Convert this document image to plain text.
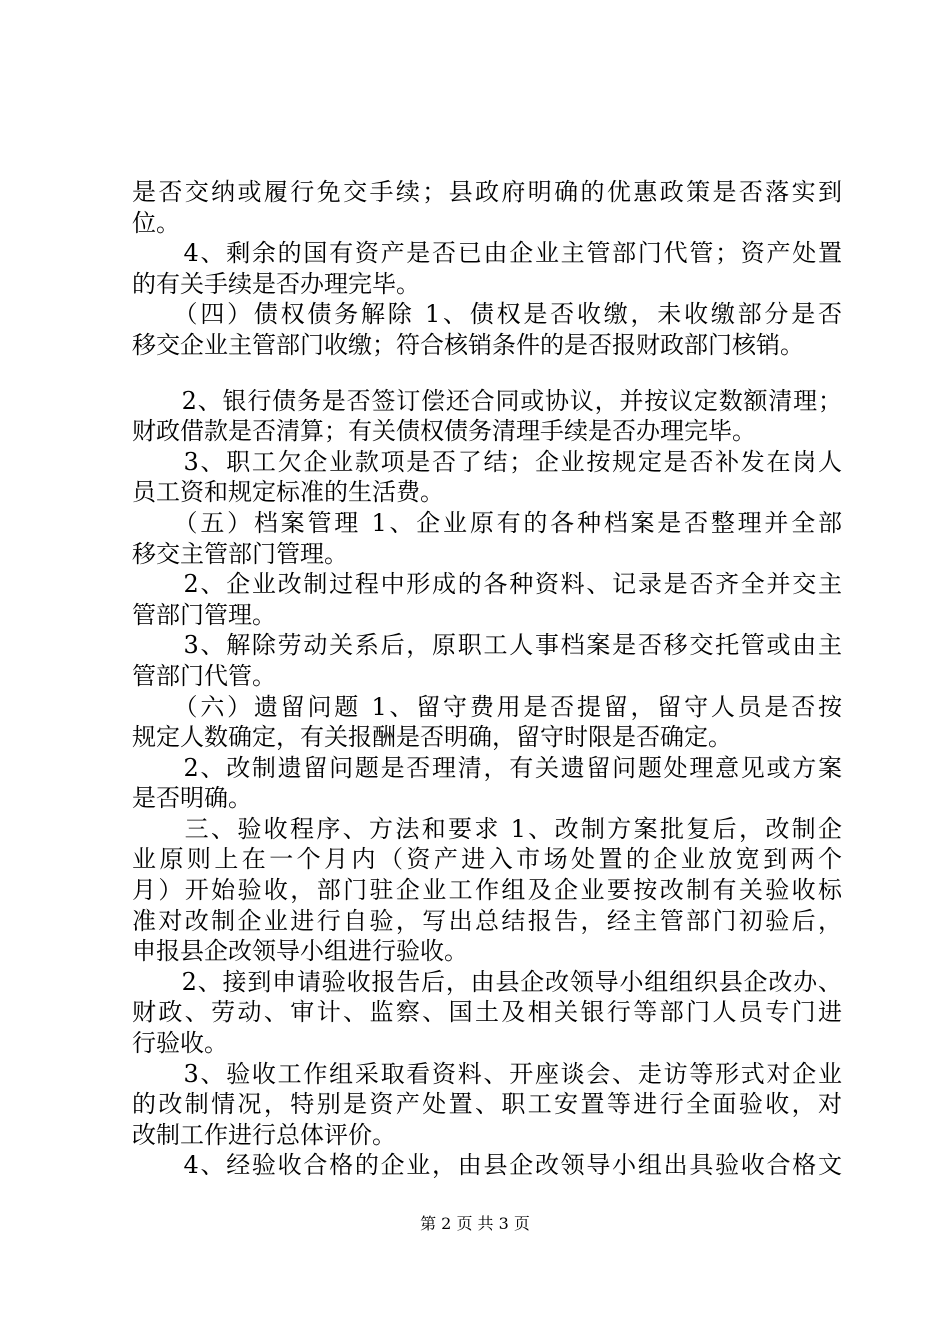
是否交纳或履行免交手续；县政府明确的优惠政策是否落实到
位。
　　4、剩余的国有资产是否已由企业主管部门代管；资产处置
的有关手续是否办理完毕。
　　（四）债权债务解除 1、债权是否收缴，未收缴部分是否
移交企业主管部门收缴；符合核销条件的是否报财政部门核销。
　　2、银行债务是否签订偿还合同或协议，并按议定数额清理；
财政借款是否清算；有关债权债务清理手续是否办理完毕。
　　3、职工欠企业款项是否了结；企业按规定是否补发在岗人
员工资和规定标准的生活费。
　　（五）档案管理 1、企业原有的各种档案是否整理并全部
移交主管部门管理。
　　2、企业改制过程中形成的各种资料、记录是否齐全并交主
管部门管理。
　　3、解除劳动关系后，原职工人事档案是否移交托管或由主
管部门代管。
　　（六）遗留问题 1、留守费用是否提留，留守人员是否按
规定人数确定，有关报酬是否明确，留守时限是否确定。
　　2、改制遗留问题是否理清，有关遗留问题处理意见或方案
是否明确。
　　三、验收程序、方法和要求 1、改制方案批复后，改制企
业原则上在一个月内（资产进入市场处置的企业放宽到两个
月）开始验收，部门驻企业工作组及企业要按改制有关验收标
准对改制企业进行自验，写出总结报告，经主管部门初验后，
申报县企改领导小组进行验收。
　　2、接到申请验收报告后，由县企改领导小组组织县企改办、
财政、劳动、审计、监察、国土及相关银行等部门人员专门进
行验收。
　　3、验收工作组采取看资料、开座谈会、走访等形式对企业
的改制情况，特别是资产处置、职工安置等进行全面验收，对
改制工作进行总体评价。
　　4、经验收合格的企业，由县企改领导小组出具验收合格文
第 2 页 共 3 页
